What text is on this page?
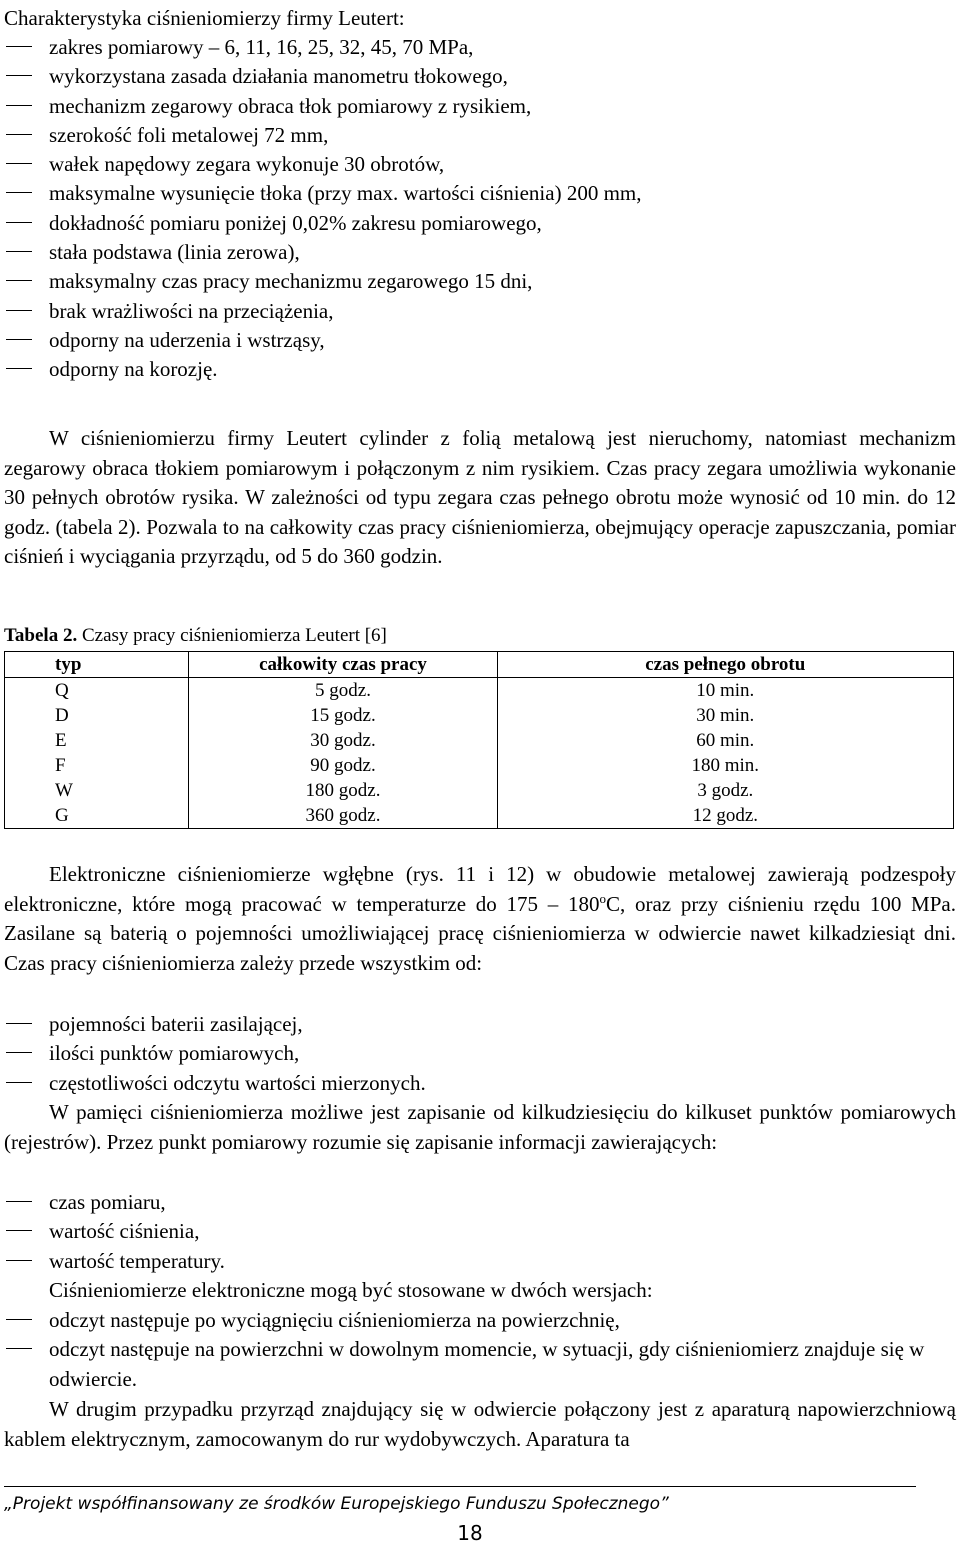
Charakterystyka ciśnieniomierzy firmy Leutert:
zakres pomiarowy – 6, 11, 16, 25, 32, 45, 70 MPa,
wykorzystana zasada działania manometru tłokowego,
mechanizm zegarowy obraca tłok pomiarowy z rysikiem,
szerokość foli metalowej 72 mm,
wałek napędowy zegara wykonuje 30 obrotów,
maksymalne wysunięcie tłoka (przy max. wartości ciśnienia) 200 mm,
dokładność pomiaru poniżej 0,02% zakresu pomiarowego,
stała podstawa (linia zerowa),
maksymalny czas pracy mechanizmu zegarowego 15 dni,
brak wrażliwości na przeciążenia,
odporny na uderzenia i wstrząsy,
odporny na korozję.

W ciśnieniomierzu firmy Leutert cylinder z folią metalową jest nieruchomy, natomiast mechanizm zegarowy obraca tłokiem pomiarowym i połączonym z nim rysikiem. Czas pracy zegara umożliwia wykonanie 30 pełnych obrotów rysika. W zależności od typu zegara czas pełnego obrotu może wynosić od 10 min. do 12 godz. (tabela 2). Pozwala to na całkowity czas pracy ciśnieniomierza, obejmujący operacje zapuszczania, pomiar ciśnień i wyciągania przyrządu, od 5 do 360 godzin.

Tabela 2. Czasy pracy ciśnieniomierza Leutert [6]
typ	całkowity czas pracy	czas pełnego obrotu
Q	5 godz.	10 min.
D	15 godz.	30 min.
E	30 godz.	60 min.
F	90 godz.	180 min.
W	180 godz.	3 godz.
G	360 godz.	12 godz.

Elektroniczne ciśnieniomierze wgłębne (rys. 11 i 12) w obudowie metalowej zawierają podzespoły elektroniczne, które mogą pracować w temperaturze do 175 – 180$^o$C, oraz przy ciśnieniu rzędu 100 MPa. Zasilane są baterią o pojemności umożliwiającej pracę ciśnieniomierza w odwiercie nawet kilkadziesiąt dni. Czas pracy ciśnieniomierza zależy przede wszystkim od:

pojemności baterii zasilającej,
ilości punktów pomiarowych,
częstotliwości odczytu wartości mierzonych.

W pamięci ciśnieniomierza możliwe jest zapisanie od kilkudziesięciu do kilkuset punktów pomiarowych (rejestrów). Przez punkt pomiarowy rozumie się zapisanie informacji zawierających:

czas pomiaru,
wartość ciśnienia,
wartość temperatury.

Ciśnieniomierze elektroniczne mogą być stosowane w dwóch wersjach:

odczyt następuje po wyciągnięciu ciśnieniomierza na powierzchnię,
odczyt następuje na powierzchni w dowolnym momencie, w sytuacji, gdy ciśnieniomierz znajduje się w odwiercie.

W drugim przypadku przyrząd znajdujący się w odwiercie połączony jest z aparaturą napowierzchniową kablem elektrycznym, zamocowanym do rur wydobywczych. Aparatura ta

„Projekt współfinansowany ze środków Europejskiego Funduszu Społecznego”
18
